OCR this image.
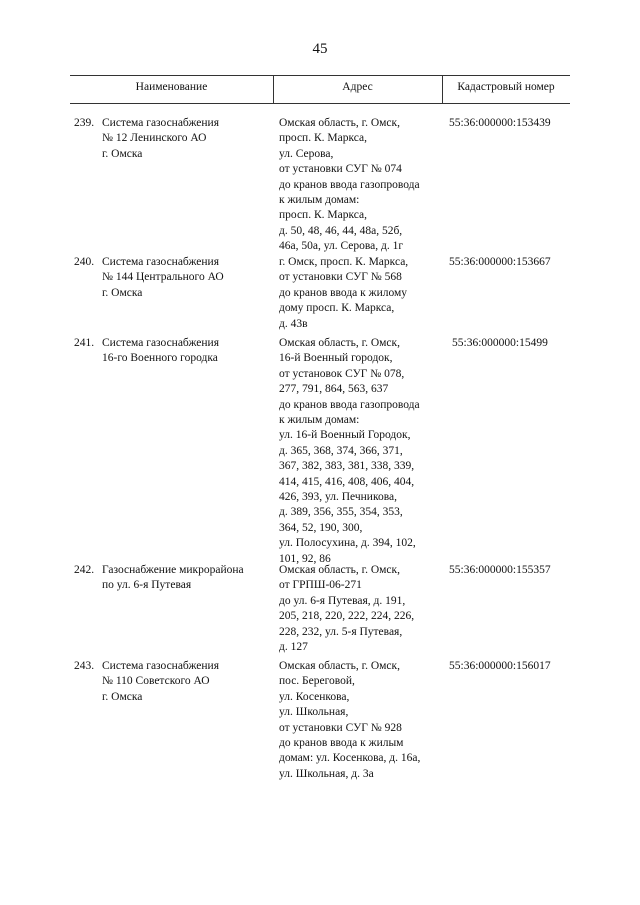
45
Наименование	Адрес	Кадастровый номер
239. Система газоснабжения
№ 12 Ленинского АО
г. Омска
Омская область, г. Омск,
просп. К. Маркса,
ул. Серова,
от установки СУГ № 074
до кранов ввода газопровода
к жилым домам:
просп. К. Маркса,
д. 50, 48, 46, 44, 48а, 52б,
46а, 50а, ул. Серова, д. 1г
55:36:000000:153439
240. Система газоснабжения
№ 144 Центрального АО
г. Омска
г. Омск, просп. К. Маркса,
от установки СУГ № 568
до кранов ввода к жилому
дому просп. К. Маркса,
д. 43в
55:36:000000:153667
241. Система газоснабжения
16-го Военного городка
Омская область, г. Омск,
16-й Военный городок,
от установок СУГ № 078,
277, 791, 864, 563, 637
до кранов ввода газопровода
к жилым домам:
ул. 16-й Военный Городок,
д. 365, 368, 374, 366, 371,
367, 382, 383, 381, 338, 339,
414, 415, 416, 408, 406, 404,
426, 393, ул. Печникова,
д. 389, 356, 355, 354, 353,
364, 52, 190, 300,
ул. Полосухина, д. 394, 102,
101, 92, 86
55:36:000000:15499
242. Газоснабжение микрорайона
по ул. 6-я Путевая
Омская область, г. Омск,
от ГРПШ-06-271
до ул. 6-я Путевая, д. 191,
205, 218, 220, 222, 224, 226,
228, 232, ул. 5-я Путевая,
д. 127
55:36:000000:155357
243. Система газоснабжения
№ 110 Советского АО
г. Омска
Омская область, г. Омск,
пос. Береговой,
ул. Косенкова,
ул. Школьная,
от установки СУГ № 928
до кранов ввода к жилым
домам: ул. Косенкова, д. 16а,
ул. Школьная, д. 3а
55:36:000000:156017
